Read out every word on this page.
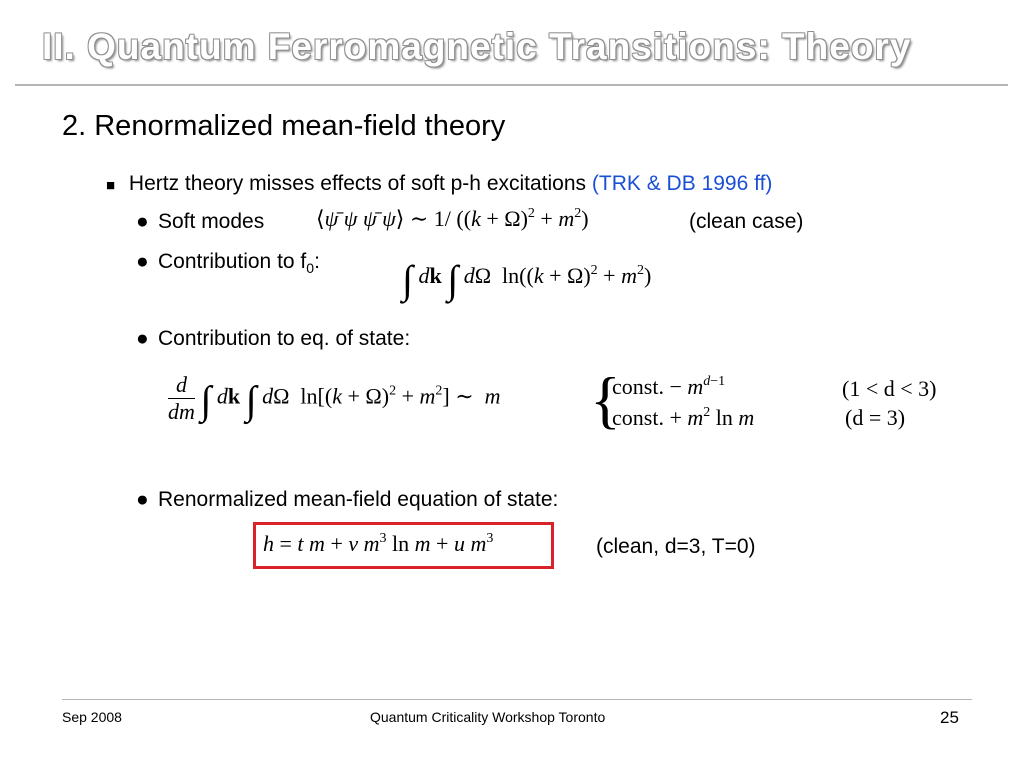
II. Quantum Ferromagnetic Transitions: Theory
2. Renormalized mean-field theory
■ Hertz theory misses effects of soft p-h excitations (TRK & DB 1996 ff)
● Soft modes ⟨ψ̄ ψ ψ̄ ψ⟩ ∼ 1/ $((k + \Omega)^2 + m^2)$	(clean case)
● Contribution to $f_0$: ∫ dk ∫ dΩ  $\ln((k + \Omega)^2 + m^2)$
● Contribution to eq. of state:
$\frac{d}{dm}$ ∫ dk ∫ dΩ  $\ln[(k + \Omega)^2 + m^2]$ ∼  m {
const. − $m^{d-1}$
const. + $m^2$ ln m
(1 < d < 3)
(d = 3)
● Renormalized mean-field equation of state:
h = t m + v $m^3$ ln m + u $m^3$	(clean, d=3, T=0)
Sep 2008	Quantum Criticality Workshop Toronto	25
